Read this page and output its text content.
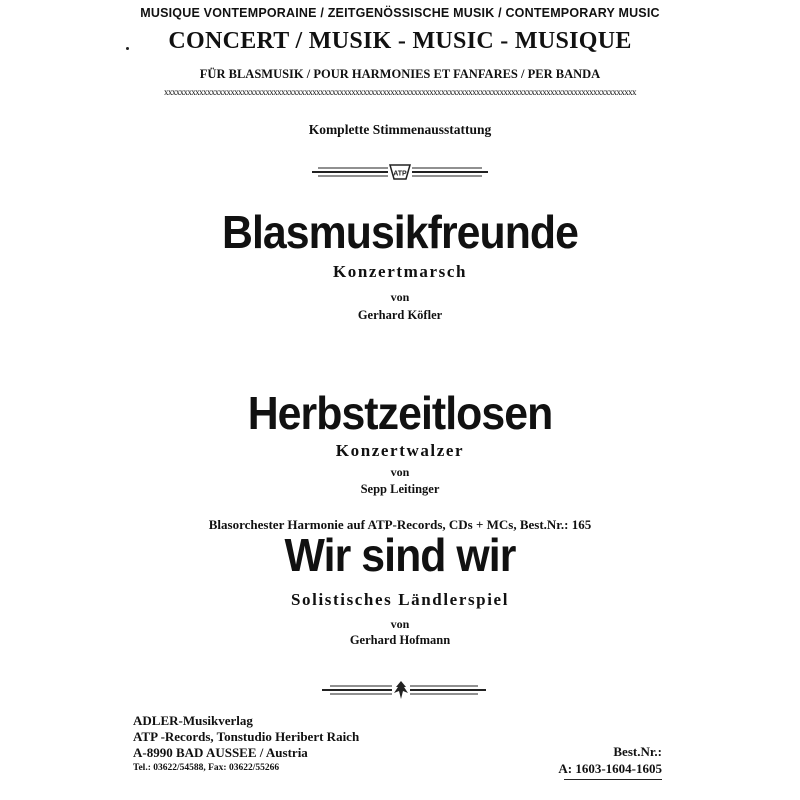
MUSIQUE VONTEMPORAINE / ZEITGENÖSSISCHE MUSIK / CONTEMPORARY MUSIC
CONCERT / MUSIK - MUSIC - MUSIQUE
FÜR BLASMUSIK / POUR HARMONIES ET FANFARES / PER BANDA
xxxxxxxxxxxxxxxxxxxxxxxxxxxxxxxxxxxxxxxxxxxxxxxxxxxxxxxxxxxxxxxxxxxxxxxxxxxxxxxxxxxxxxxxxxxxxxxxxxxxxxxxxxxxxxxxxxxxxxxxx
Komplette Stimmenausstattung
ATP
Blasmusikfreunde
Konzertmarsch
von
Gerhard Köfler
Herbstzeitlosen
Konzertwalzer
von
Sepp Leitinger
Blasorchester Harmonie auf ATP-Records, CDs + MCs, Best.Nr.: 165
Wir sind wir
Solistisches Ländlerspiel
von
Gerhard Hofmann
ADLER-Musikverlag
ATP -Records, Tonstudio Heribert Raich
A-8990 BAD AUSSEE / Austria
Tel.: 03622/54588, Fax: 03622/55266
Best.Nr.:
A: 1603-1604-1605
